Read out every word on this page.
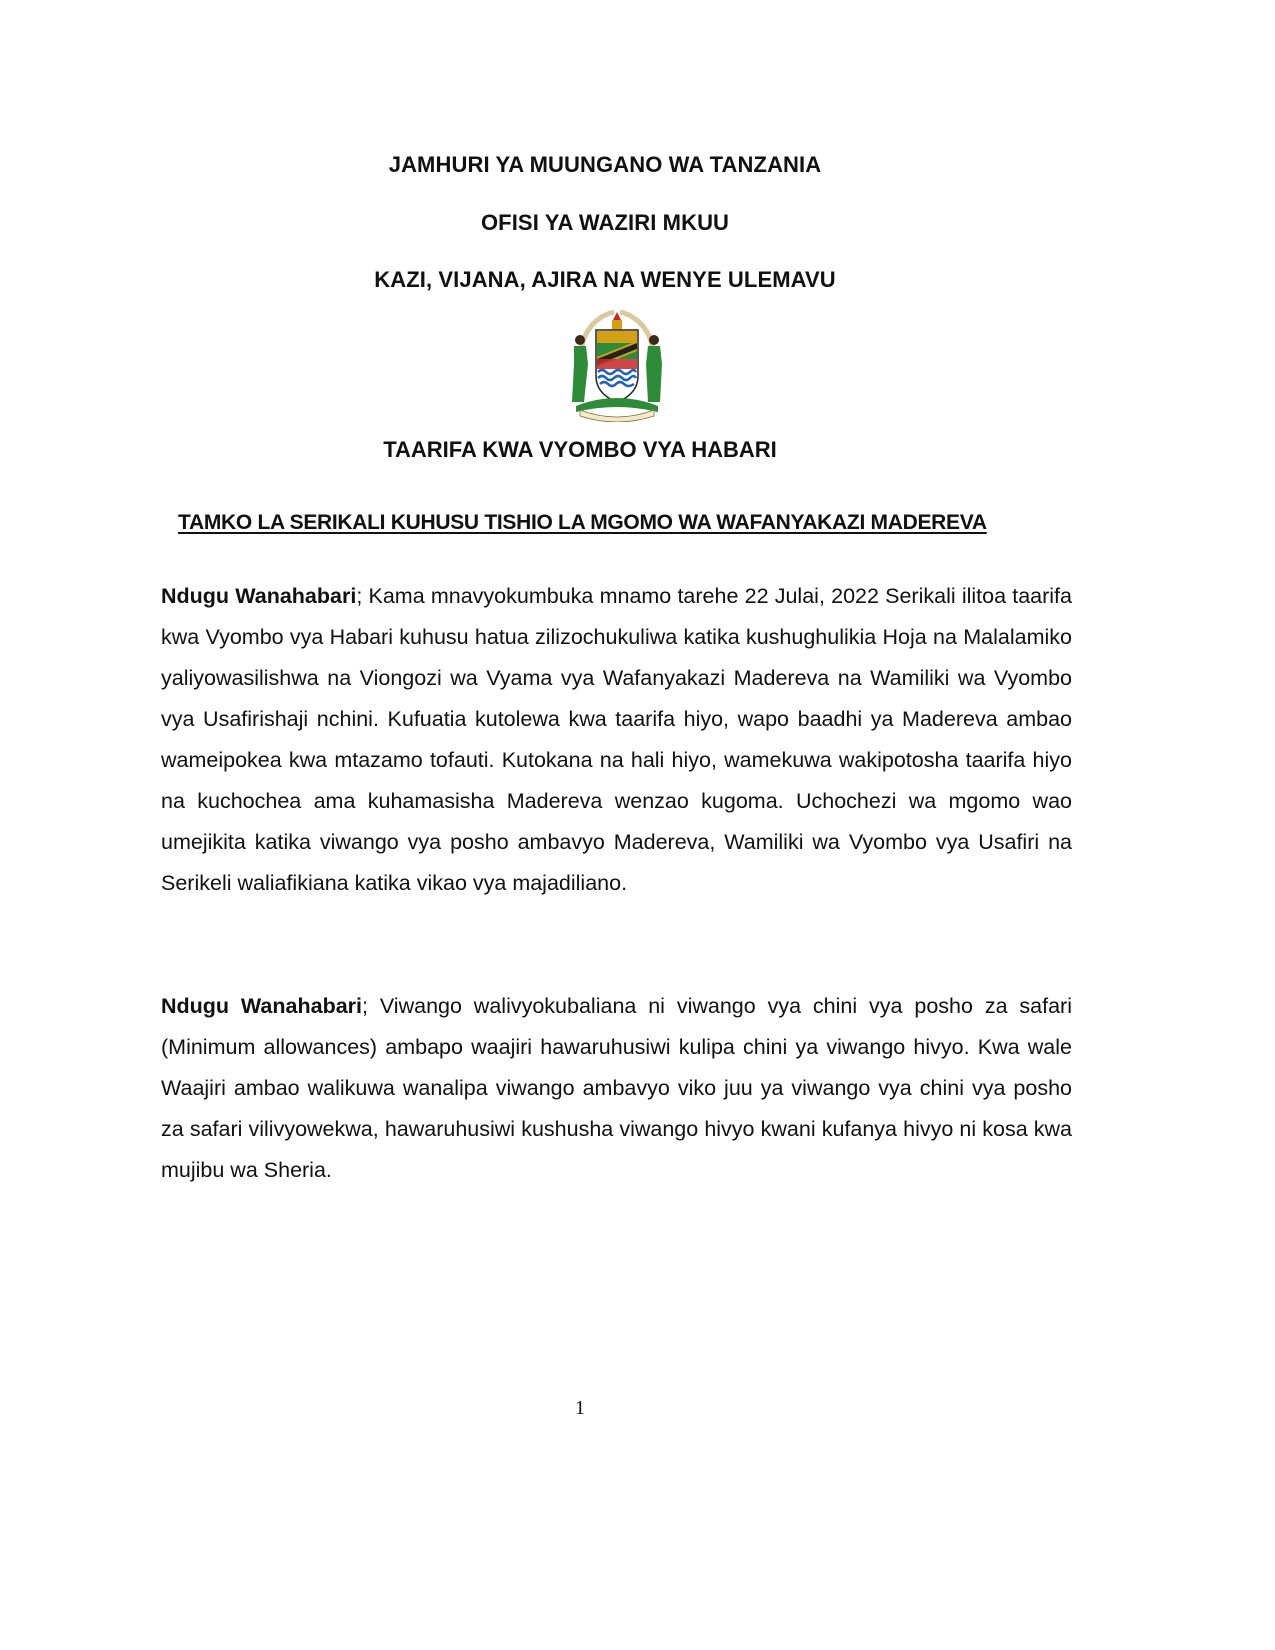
JAMHURI YA MUUNGANO WA TANZANIA
OFISI YA WAZIRI MKUU
KAZI, VIJANA, AJIRA NA WENYE ULEMAVU
TAARIFA KWA VYOMBO VYA HABARI
TAMKO LA SERIKALI KUHUSU TISHIO LA MGOMO WA WAFANYAKAZI MADEREVA

Ndugu Wanahabari; Kama mnavyokumbuka mnamo tarehe 22 Julai, 2022 Serikali ilitoa taarifa kwa Vyombo vya Habari kuhusu hatua zilizochukuliwa katika kushughulikia Hoja na Malalamiko yaliyowasilishwa na Viongozi wa Vyama vya Wafanyakazi Madereva na Wamiliki wa Vyombo vya Usafirishaji nchini. Kufuatia kutolewa kwa taarifa hiyo, wapo baadhi ya Madereva ambao wameipokea kwa mtazamo tofauti. Kutokana na hali hiyo, wamekuwa wakipotosha taarifa hiyo na kuchochea ama kuhamasisha Madereva wenzao kugoma. Uchochezi wa mgomo wao umejikita katika viwango vya posho ambavyo Madereva, Wamiliki wa Vyombo vya Usafiri na Serikeli waliafikiana katika vikao vya majadiliano.

Ndugu Wanahabari; Viwango walivyokubaliana ni viwango vya chini vya posho za safari (Minimum allowances) ambapo waajiri hawaruhusiwi kulipa chini ya viwango hivyo. Kwa wale Waajiri ambao walikuwa wanalipa viwango ambavyo viko juu ya viwango vya chini vya posho za safari vilivyowekwa, hawaruhusiwi kushusha viwango hivyo kwani kufanya hivyo ni kosa kwa mujibu wa Sheria.

1
